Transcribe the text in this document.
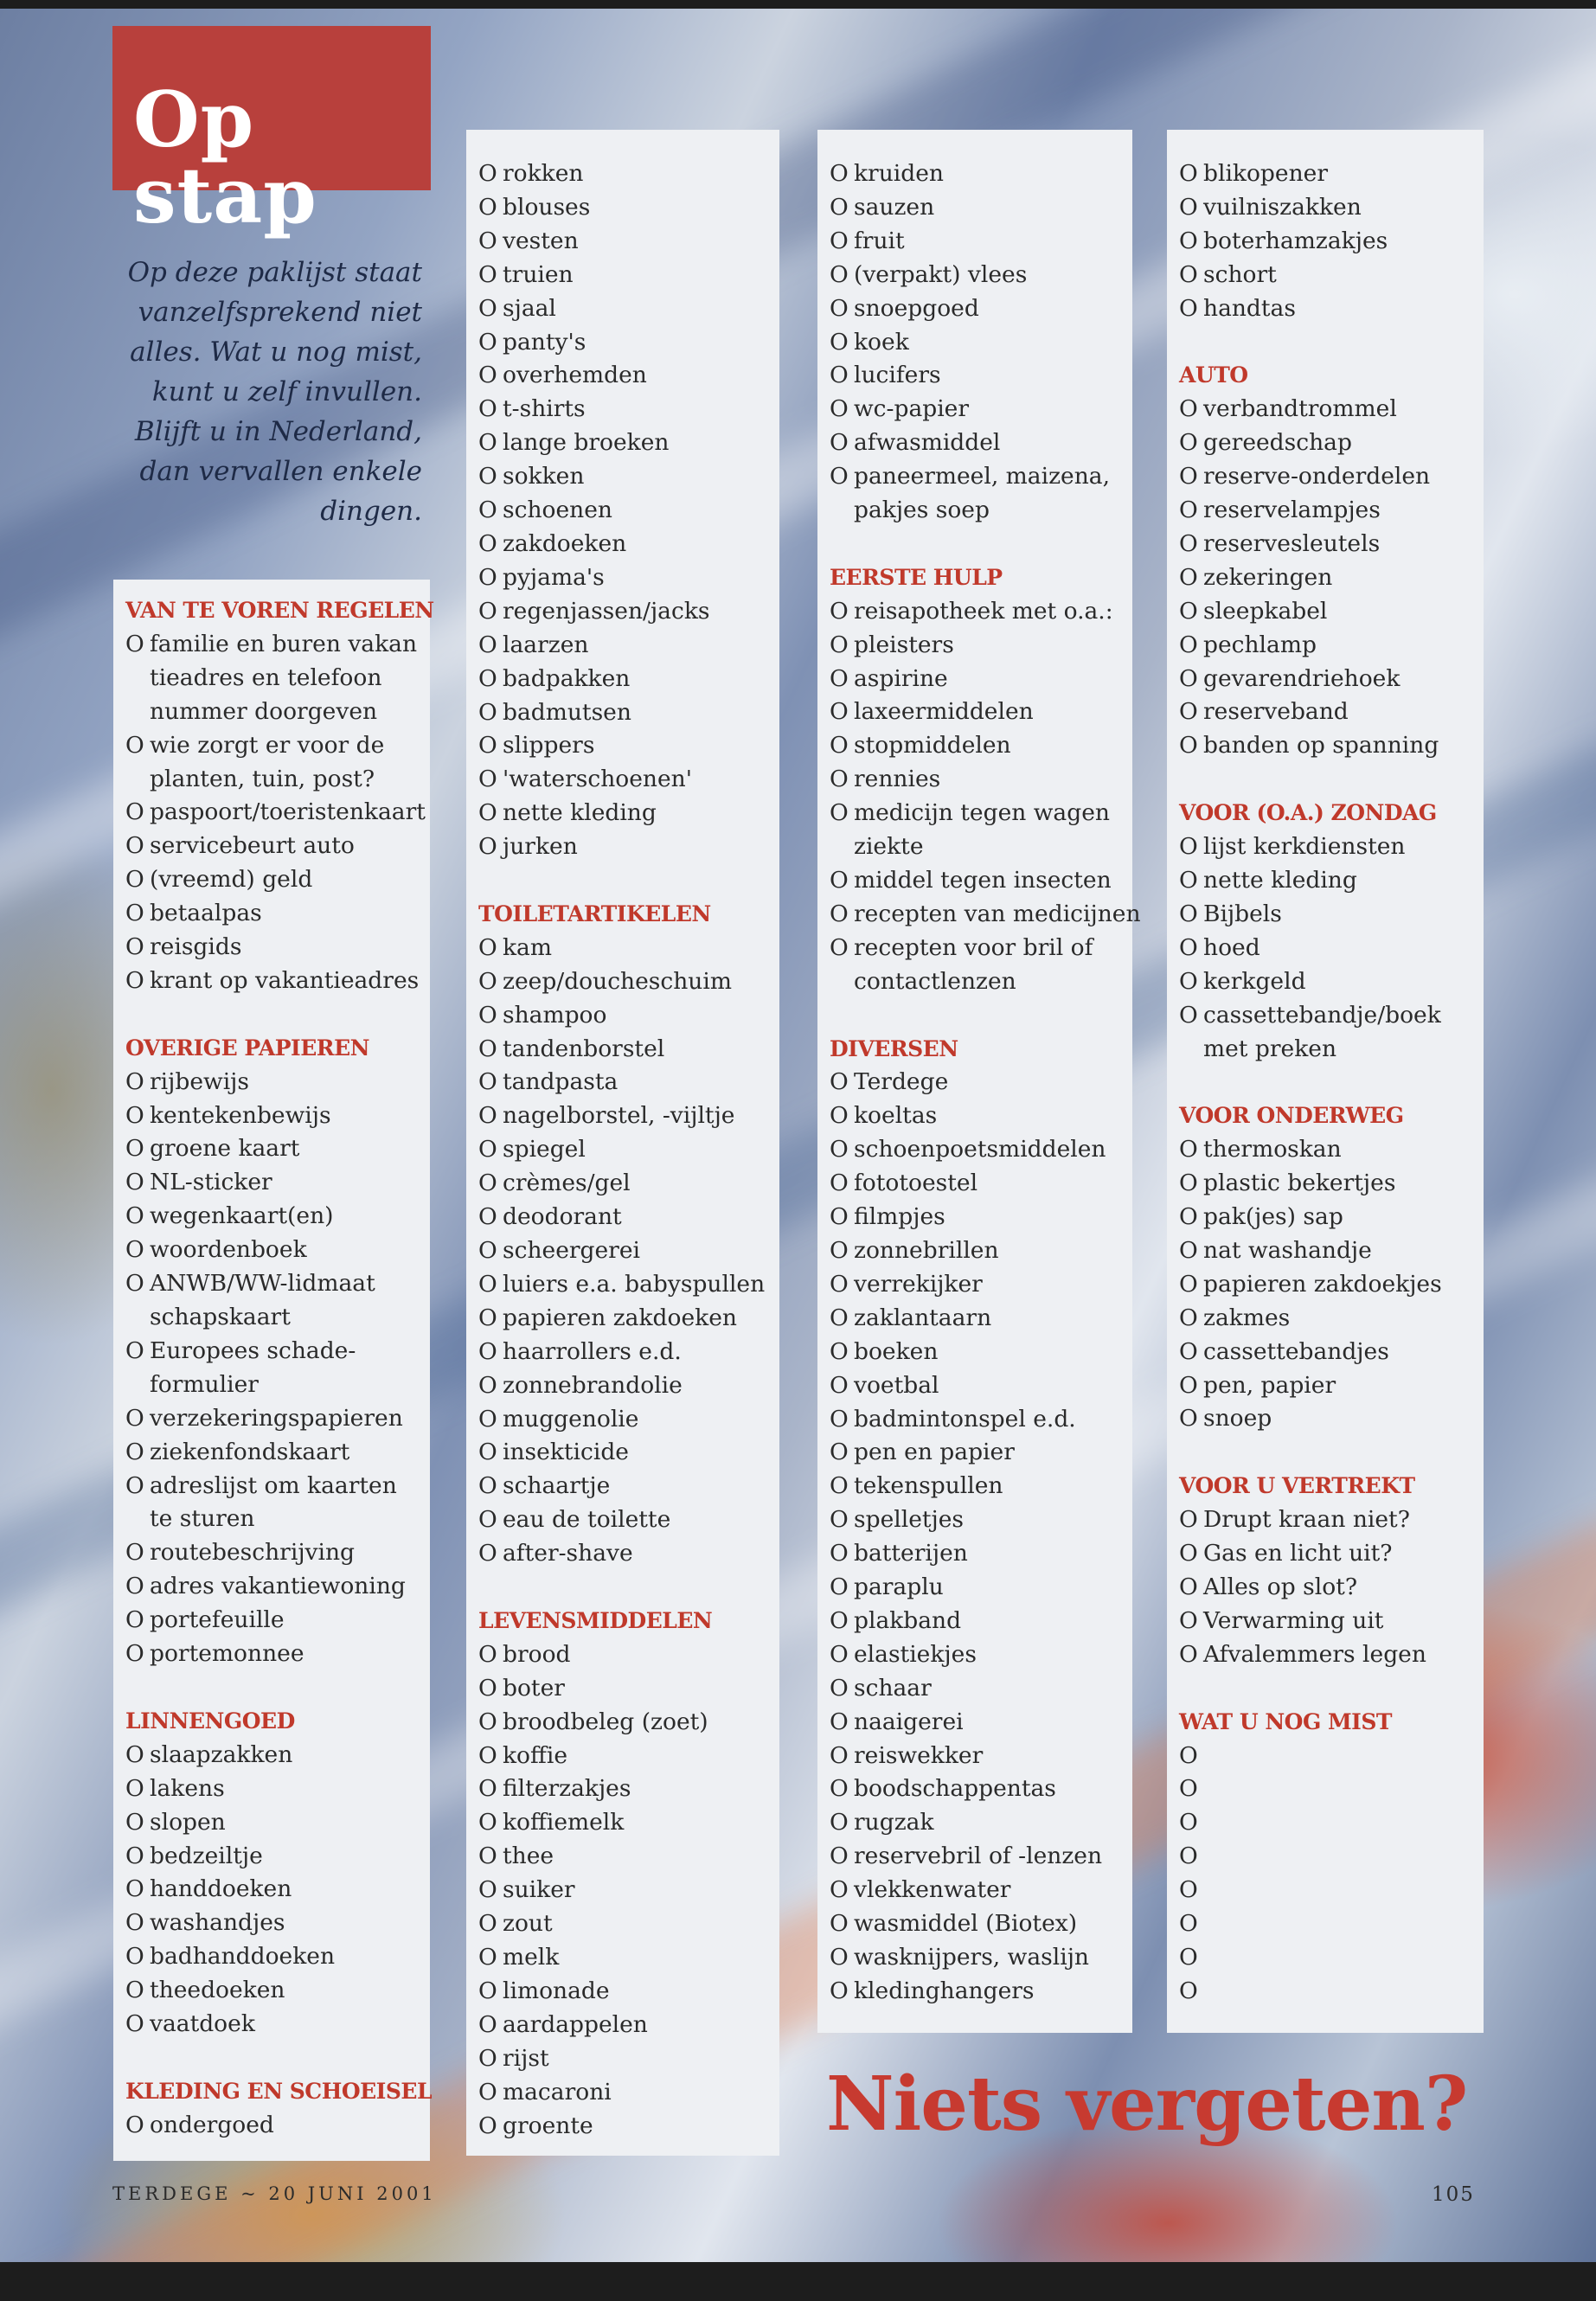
Op stap
Op deze paklijst staat vanzelfsprekend niet alles. Wat u nog mist, kunt u zelf invullen. Blijft u in Nederland, dan vervallen enkele dingen.
VAN TE VOREN REGELEN
O familie en buren vakan
tieadres en telefoon
nummer doorgeven
O wie zorgt er voor de
planten, tuin, post?
O paspoort/toeristenkaart
O servicebeurt auto
O (vreemd) geld
O betaalpas
O reisgids
O krant op vakantieadres
OVERIGE PAPIEREN
O rijbewijs
O kentekenbewijs
O groene kaart
O NL-sticker
O wegenkaart(en)
O woordenboek
O ANWB/WW-lidmaat
schapskaart
O Europees schade-
formulier
O verzekeringspapieren
O ziekenfondskaart
O adreslijst om kaarten
te sturen
O routebeschrijving
O adres vakantiewoning
O portefeuille
O portemonnee
LINNENGOED
O slaapzakken
O lakens
O slopen
O bedzeiltje
O handdoeken
O washandjes
O badhanddoeken
O theedoeken
O vaatdoek
KLEDING EN SCHOEISEL
O ondergoed
O rokken
O blouses
O vesten
O truien
O sjaal
O panty's
O overhemden
O t-shirts
O lange broeken
O sokken
O schoenen
O zakdoeken
O pyjama's
O regenjassen/jacks
O laarzen
O badpakken
O badmutsen
O slippers
O 'waterschoenen'
O nette kleding
O jurken
TOILETARTIKELEN
O kam
O zeep/doucheschuim
O shampoo
O tandenborstel
O tandpasta
O nagelborstel, -vijltje
O spiegel
O crèmes/gel
O deodorant
O scheergerei
O luiers e.a. babyspullen
O papieren zakdoeken
O haarrollers e.d.
O zonnebrandolie
O muggenolie
O insekticide
O schaartje
O eau de toilette
O after-shave
LEVENSMIDDELEN
O brood
O boter
O broodbeleg (zoet)
O koffie
O filterzakjes
O koffiemelk
O thee
O suiker
O zout
O melk
O limonade
O aardappelen
O rijst
O macaroni
O groente
O kruiden
O sauzen
O fruit
O (verpakt) vlees
O snoepgoed
O koek
O lucifers
O wc-papier
O afwasmiddel
O paneermeel, maizena,
pakjes soep
EERSTE HULP
O reisapotheek met o.a.:
O pleisters
O aspirine
O laxeermiddelen
O stopmiddelen
O rennies
O medicijn tegen wagen
ziekte
O middel tegen insecten
O recepten van medicijnen
O recepten voor bril of
contactlenzen
DIVERSEN
O Terdege
O koeltas
O schoenpoetsmiddelen
O fototoestel
O filmpjes
O zonnebrillen
O verrekijker
O zaklantaarn
O boeken
O voetbal
O badmintonspel e.d.
O pen en papier
O tekenspullen
O spelletjes
O batterijen
O paraplu
O plakband
O elastiekjes
O schaar
O naaigerei
O reiswekker
O boodschappentas
O rugzak
O reservebril of -lenzen
O vlekkenwater
O wasmiddel (Biotex)
O wasknijpers, waslijn
O kledinghangers
O blikopener
O vuilniszakken
O boterhamzakjes
O schort
O handtas
AUTO
O verbandtrommel
O gereedschap
O reserve-onderdelen
O reservelampjes
O reservesleutels
O zekeringen
O sleepkabel
O pechlamp
O gevarendriehoek
O reserveband
O banden op spanning
VOOR (O.A.) ZONDAG
O lijst kerkdiensten
O nette kleding
O Bijbels
O hoed
O kerkgeld
O cassettebandje/boek
met preken
VOOR ONDERWEG
O thermoskan
O plastic bekertjes
O pak(jes) sap
O nat washandje
O papieren zakdoekjes
O zakmes
O cassettebandjes
O pen, papier
O snoep
VOOR U VERTREKT
O Drupt kraan niet?
O Gas en licht uit?
O Alles op slot?
O Verwarming uit
O Afvalemmers legen
WAT U NOG MIST
O
O
O
O
O
O
O
O
Niets vergeten?
TERDEGE ~ 20 JUNI 2001	105
